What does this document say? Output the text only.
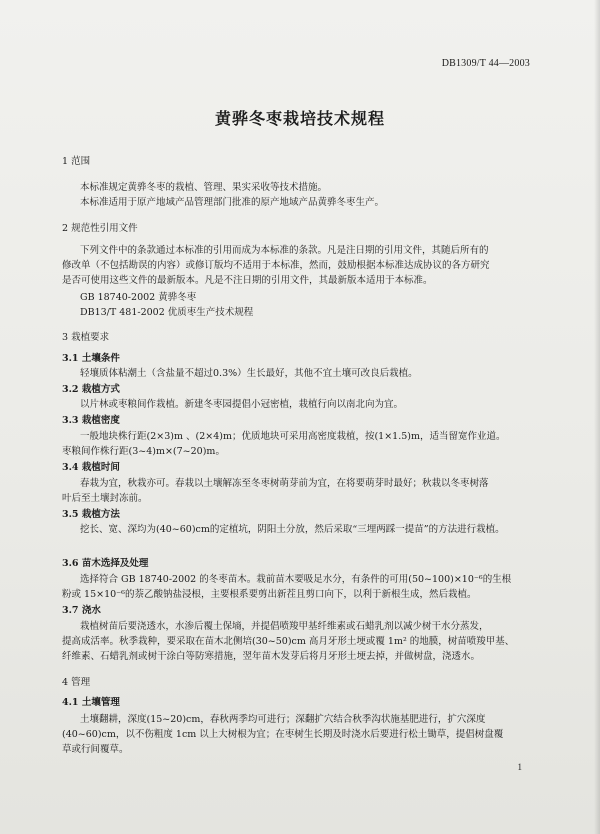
DB1309/T 44—2003
黄骅冬枣栽培技术规程
1 范围
本标准规定黄骅冬枣的栽植、管理、果实采收等技术措施。
本标准适用于原产地域产品管理部门批准的原产地域产品黄骅冬枣生产。
2 规范性引用文件
下列文件中的条款通过本标准的引用而成为本标准的条款。凡是注日期的引用文件，其随后所有的
修改单（不包括勘误的内容）或修订版均不适用于本标准，然而，鼓励根据本标准达成协议的各方研究
是否可使用这些文件的最新版本。凡是不注日期的引用文件，其最新版本适用于本标准。
GB 18740-2002 黄骅冬枣
DB13/T 481-2002 优质枣生产技术规程
3 栽植要求
3.1 土壤条件
轻壤质体粘潮土（含盐量不超过0.3%）生长最好，其他不宜土壤可改良后栽植。
3.2 栽植方式
以片林或枣粮间作栽植。新建冬枣园提倡小冠密植，栽植行向以南北向为宜。
3.3 栽植密度
一般地块株行距(2×3)m 、(2×4)m；优质地块可采用高密度栽植，按(1×1.5)m，适当留宽作业道。
枣粮间作株行距(3~4)m×(7~20)m。
3.4 栽植时间
春栽为宜，秋栽亦可。春栽以土壤解冻至冬枣树萌芽前为宜，在将要萌芽时最好；秋栽以冬枣树落
叶后至土壤封冻前。
3.5 栽植方法
挖长、宽、深均为(40~60)cm的定植坑，阴阳土分放，然后采取“三埋两踩一提苗”的方法进行栽植。
3.6 苗木选择及处理
选择符合 GB 18740-2002 的冬枣苗木。栽前苗木要吸足水分，有条件的可用(50~100)×10⁻⁶的生根
粉或 15×10⁻⁶的萘乙酸钠盐浸根，主要根系要剪出新茬且剪口向下，以利于新根生成，然后栽植。
3.7 浇水
栽植树苗后要浇透水，水渗后覆土保墒，并提倡喷羧甲基纤维素或石蜡乳剂以减少树干水分蒸发，
提高成活率。秋季栽种，要采取在苗木北侧培(30~50)cm 高月牙形土埂或覆 1m² 的地膜，树苗喷羧甲基、
纤维素、石蜡乳剂或树干涂白等防寒措施，翌年苗木发芽后将月牙形土埂去掉，并做树盘，浇透水。
4 管理
4.1 土壤管理
土壤翻耕，深度(15~20)cm，春秋两季均可进行；深翻扩穴结合秋季沟状施基肥进行，扩穴深度
(40~60)cm，以不伤粗度 1cm 以上大树根为宜；在枣树生长期及时浇水后要进行松土锄草，提倡树盘覆
草或行间覆草。
1
